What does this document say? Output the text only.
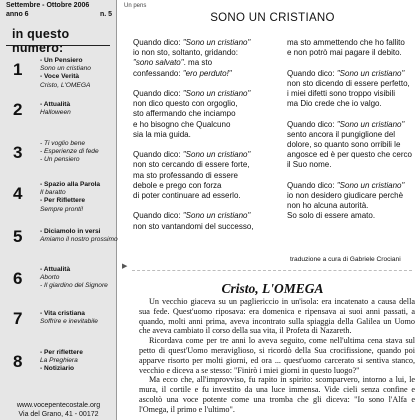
Settembre - Ottobre 2006
anno 6	n. 5
in questo numero:
1	- Un Pensiero
Sono un cristiano
- Voce Verità
Cristo, L'OMEGA
2	- Attualità
Halloween
3	- Ti voglio bene
- Esperienze di fede
- Un pensiero
4	- Spazio alla Parola
Il baratto
- Per Riflettere
Sempre pronti!
5	- Diciamolo in versi
Amiamo il nostro prossimo
6	- Attualità
Aborto
- Il giardino del Signore
7	- Vita cristiana
Soffrire e inevitabile
8	- Per riflettere
La Preghiera
- Notiziario
www.vocepentecostale.org
Via del Grano, 41 - 00172
Un pens
SONO UN CRISTIANO
Quando dico: "Sono un cristiano"
io non sto, soltanto, gridando:
"sono salvato". ma sto
confessando: "ero perduto!"
Quando dico: "Sono un cristiano"
non dico questo con orgoglio,
sto affermando che inciampo
e ho bisogno che Qualcuno
sia la mia guida.
Quando dico: "Sono un cristiano"
non sto cercando di essere forte,
ma sto professando di essere
debole e prego con forza
di poter continuare ad esserlo.
Quando dico: "Sono un cristiano"
non sto vantandomi del successo,
ma sto ammettendo che ho fallito
e non potrò mai pagare il debito.
Quando dico: "Sono un cristiano"
non sto dicendo di essere perfetto,
i miei difetti sono troppo visibili
ma Dio crede che io valgo.
Quando dico: "Sono un cristiano"
sento ancora il pungiglione del
dolore, so quanto sono orribili le
angosce ed è per questo che cerco
il Suo nome.
Quando dico: "Sono un cristiano"
io non desidero giudicare perchè
non ho alcuna autorità.
So solo di essere amato.
traduzione a cura di Gabriele Crociani
▶
Cristo, L'OMEGA

Un vecchio giaceva su un pagliericcio in un'isola: era incatenato a causa della sua fede. Quest'uomo riposava: era domenica e ripensava ai suoi anni passati, a quando, molti anni prima, aveva incontrato sulla spiaggia della Galilea un Uomo che aveva cambiato il corso della sua vita, il Profeta di Nazareth.

Ricordava come per tre anni lo aveva seguito, come nell'ultima cena stava sul petto di quest'Uomo meraviglioso, si ricordò della Sua crocifissione, quando poi apparve risorto per molti giorni, ed ora ... quest'uomo carcerato si sentiva stanco, vecchio e diceva a se stesso: "Finirò i miei giorni in questo luogo?"

Ma ecco che, all'improvviso, fu rapito in spirito: scomparvero, intorno a lui, le mura, il cortile e fu investito da una luce immensa. Vide cieli senza confine e ascoltò una voce potente come una tromba che gli diceva: "Io sono l'Alfa e l'Omega, il primo e l'ultimo".
